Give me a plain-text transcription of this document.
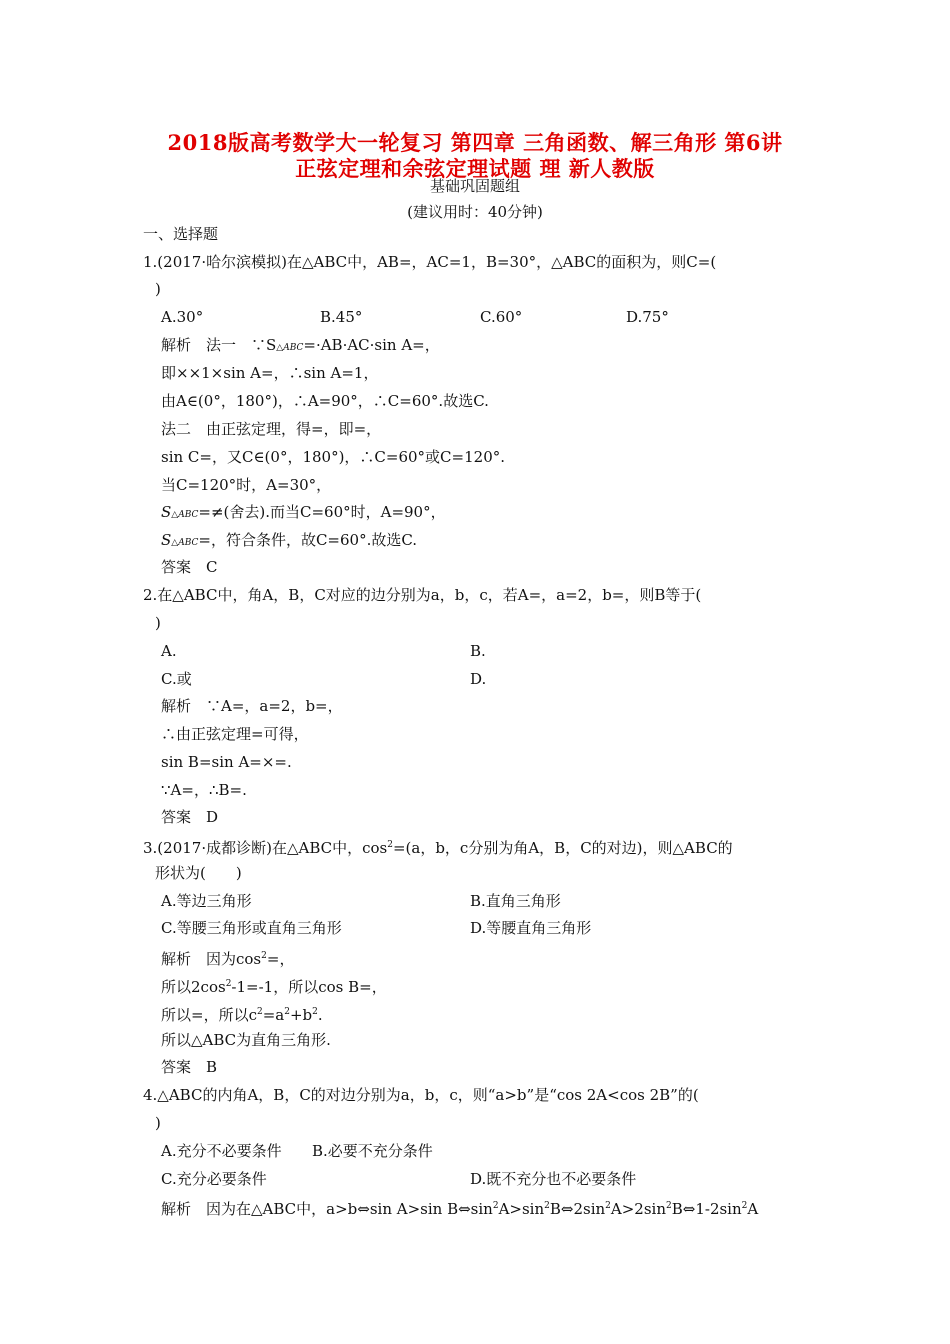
2018版高考数学大一轮复习 第四章 三角函数、解三角形 第6讲
正弦定理和余弦定理试题 理 新人教版
基础巩固题组
(建议用时：40分钟)
一、选择题
1.(2017·哈尔滨模拟)在△ABC中，AB=，AC=1，B=30°，△ABC的面积为，则C=(
)
A.30°	B.45°	C.60°	D.75°
解析　法一　∵S△ABC=·AB·AC·sin A=，
即××1×sin A=，∴sin A=1，
由A∈(0°，180°)，∴A=90°，∴C=60°.故选C.
法二　由正弦定理，得=，即=，
sin C=，又C∈(0°，180°)，∴C=60°或C=120°.
当C=120°时，A=30°，
S△ABC=≠(舍去).而当C=60°时，A=90°，
S△ABC=，符合条件，故C=60°.故选C.
答案　C
2.在△ABC中，角A，B，C对应的边分别为a，b，c，若A=，a=2，b=，则B等于(
)
A.	B.
C.或	D.
解析　∵A=，a=2，b=，
∴由正弦定理=可得，
sin B=sin A=×=.
∵A=，∴B=.
答案　D
3.(2017·成都诊断)在△ABC中，$\cos^2=(a$，b，c分别为角A，B，C的对边)，则△ABC的
形状为(　　)
A.等边三角形	B.直角三角形
C.等腰三角形或直角三角形	D.等腰直角三角形
解析　因为$\cos^2=$，
所以$2\cos^2-1=-1$，所以cos B=，
所以=，所以$c^2=a^2+b^2$.
所以△ABC为直角三角形.
答案　B
4.△ABC的内角A，B，C的对边分别为a，b，c，则“a>b”是“cos 2A<cos 2B”的(
)
A.充分不必要条件 B.必要不充分条件
C.充分必要条件	D.既不充分也不必要条件
解析　因为在△ABC中，a>b⇔sin A>sin $B\Leftrightarrow\sin^2A>\sin^2B\Leftrightarrow 2\sin^2A>2\sin^2B\Leftrightarrow 1-2\sin^2A$
